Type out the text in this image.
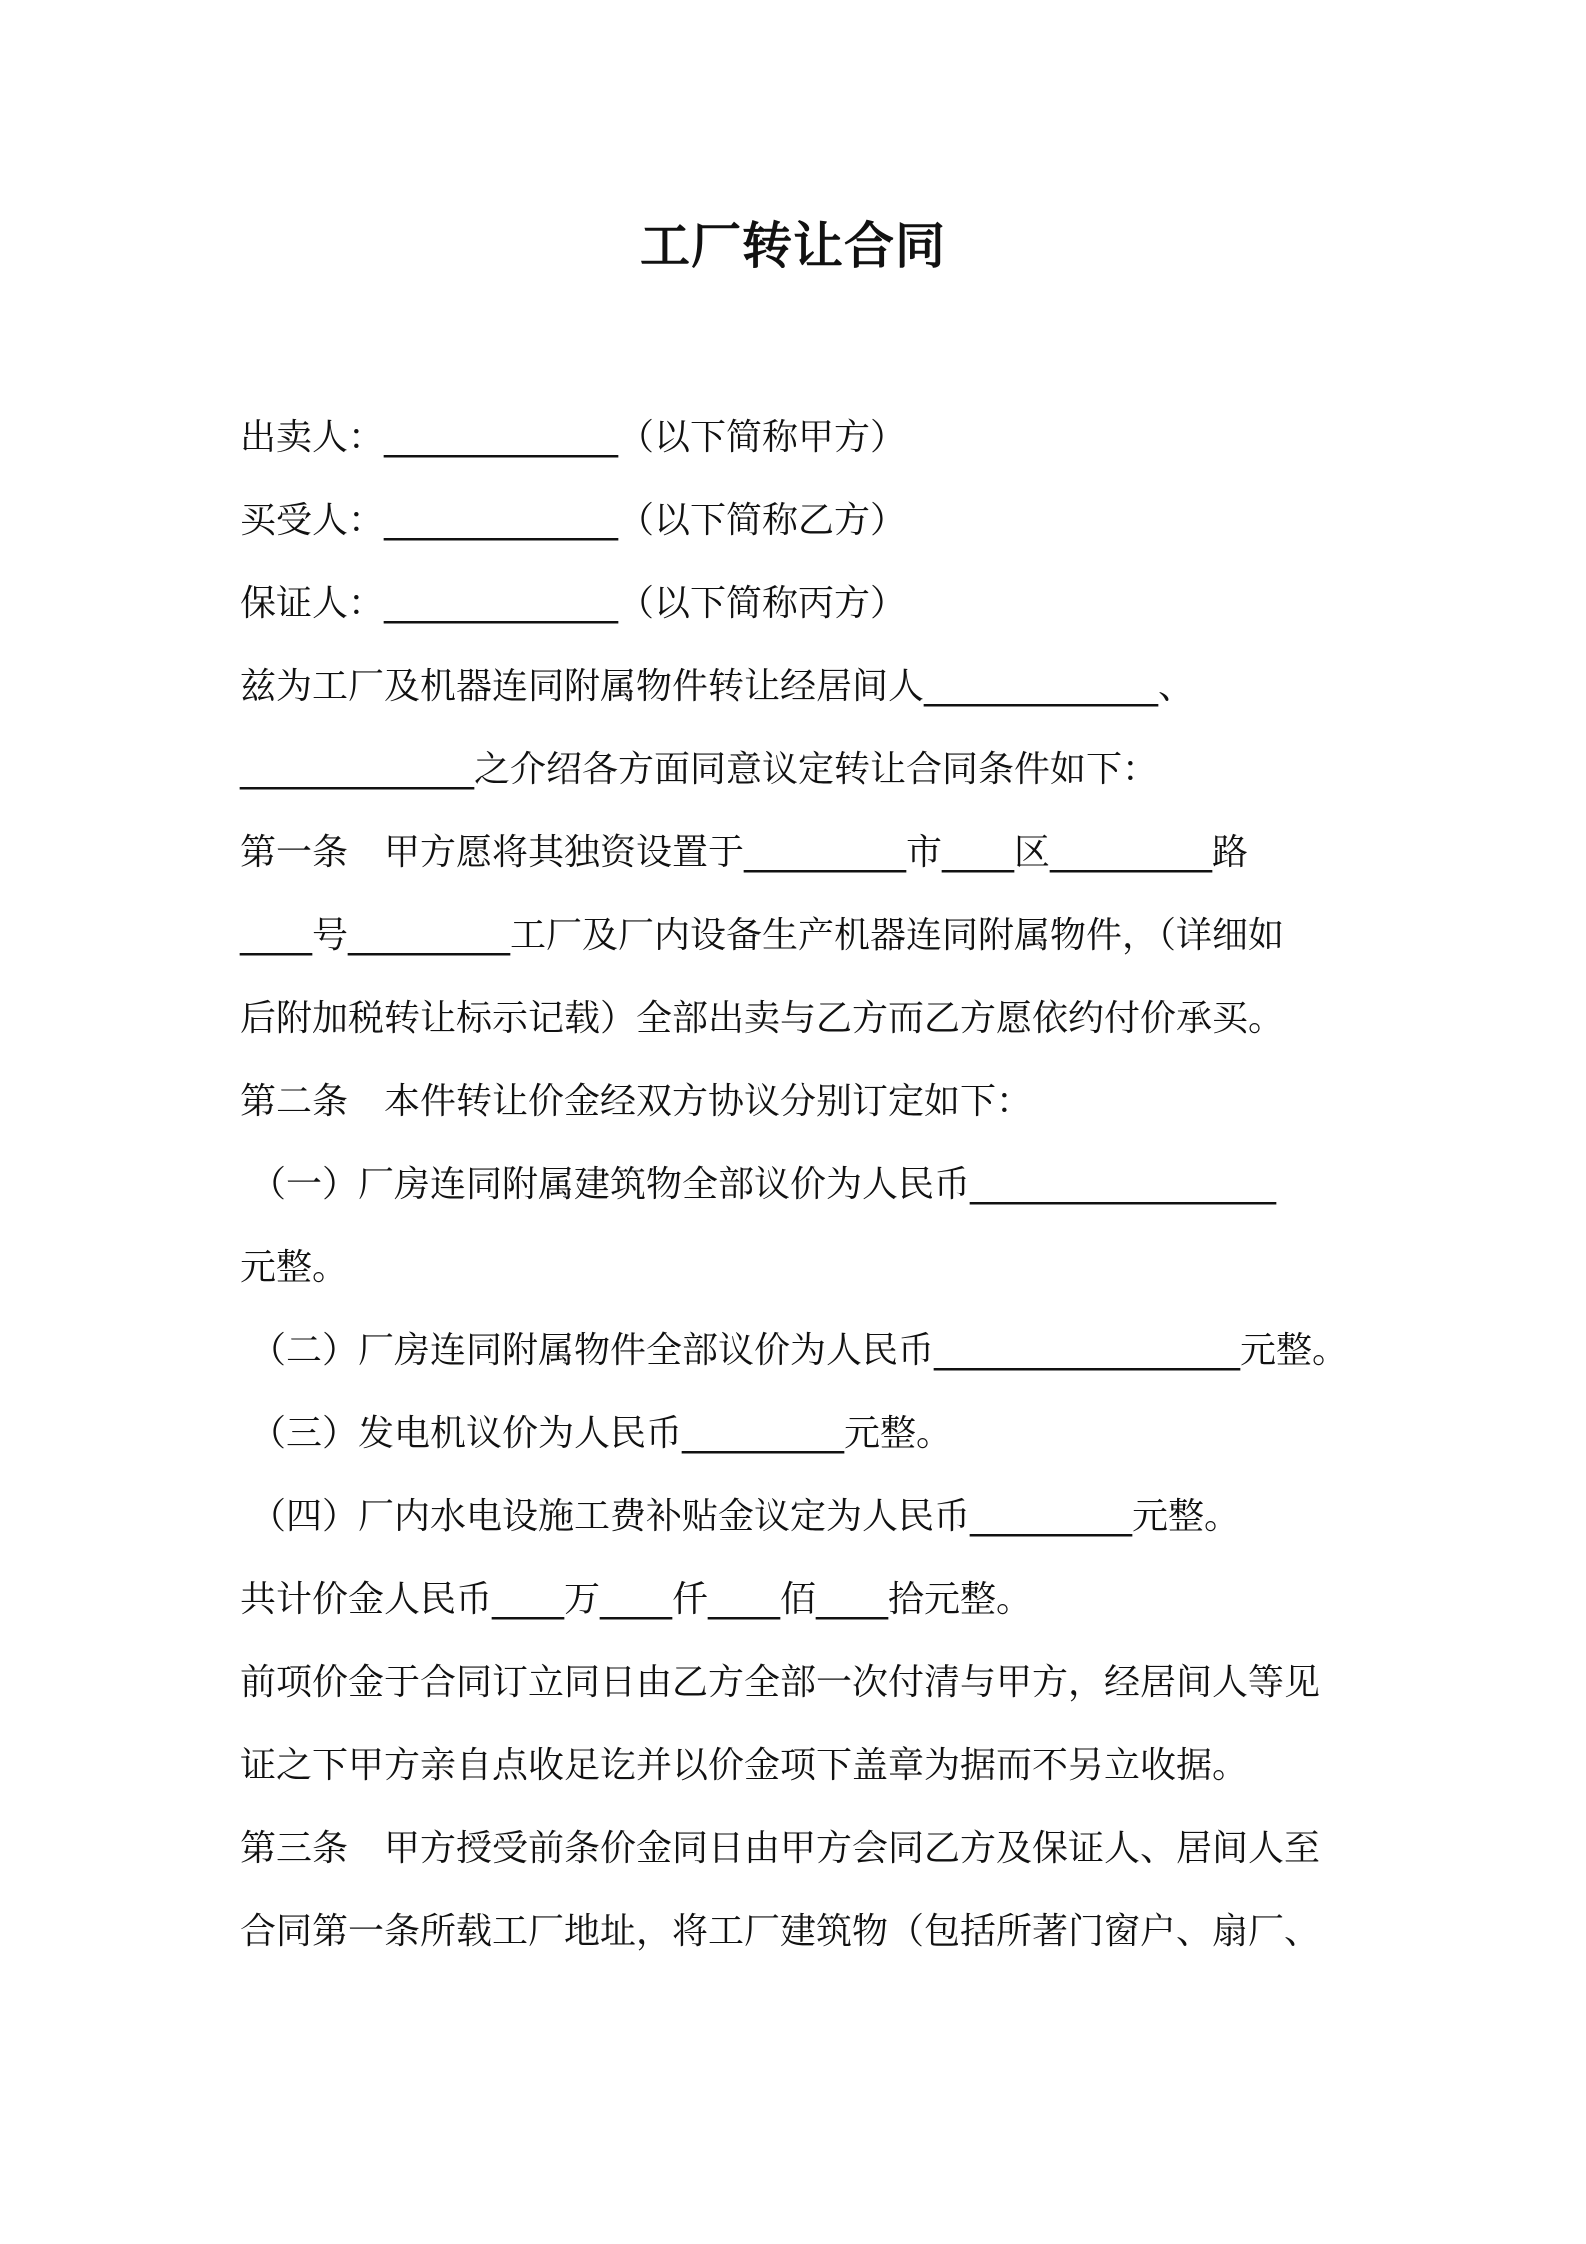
工厂转让合同
出卖人：_____________（以下简称甲方）
买受人：_____________（以下简称乙方）
保证人：_____________（以下简称丙方）
兹为工厂及机器连同附属物件转让经居间人_____________、
_____________之介绍各方面同意议定转让合同条件如下：
第一条　甲方愿将其独资设置于_________市____区_________路
____号_________工厂及厂内设备生产机器连同附属物件，（详细如
后附加税转让标示记载）全部出卖与乙方而乙方愿依约付价承买。
第二条　本件转让价金经双方协议分别订定如下：
（一）厂房连同附属建筑物全部议价为人民币_________________
元整。
（二）厂房连同附属物件全部议价为人民币_________________元整。
（三）发电机议价为人民币_________元整。
（四）厂内水电设施工费补贴金议定为人民币_________元整。
共计价金人民币____万____仟____佰____拾元整。
前项价金于合同订立同日由乙方全部一次付清与甲方，经居间人等见
证之下甲方亲自点收足讫并以价金项下盖章为据而不另立收据。
第三条　甲方授受前条价金同日由甲方会同乙方及保证人、居间人至
合同第一条所载工厂地址，将工厂建筑物（包括所著门窗户、扇厂、
